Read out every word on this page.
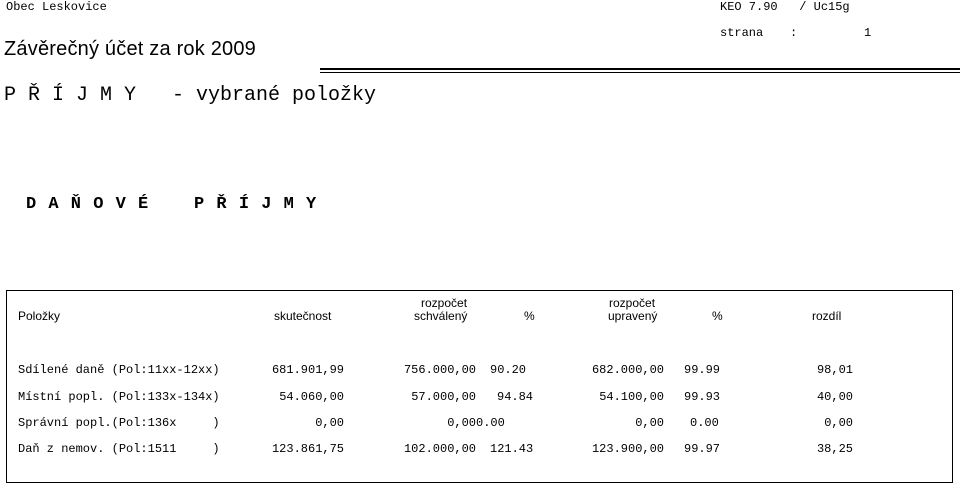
Obec Leskovice	KEO 7.90   / Uc15g
strana :	1
Závěrečný účet za rok 2009
P Ř Í J M Y   - vybrané položky
D A Ň O V É    P Ř Í J M Y
Položky	skutečnost
rozpočet
schválený	%
rozpočet
upravený	%	rozdíl
Sdílené daně (Pol:11xx-12xx)	681.901,99	756.000,00 90.20	682.000,00 99.99	98,01
Místní popl. (Pol:133x-134x)	54.060,00	57.000,00 94.84	54.100,00 99.93	40,00
Správní popl.(Pol:136x     )	0,00	0,00 0.00	0,00 0.00	0,00
Daň z nemov. (Pol:1511     )	123.861,75	102.000,00 121.43	123.900,00 99.97	38,25
